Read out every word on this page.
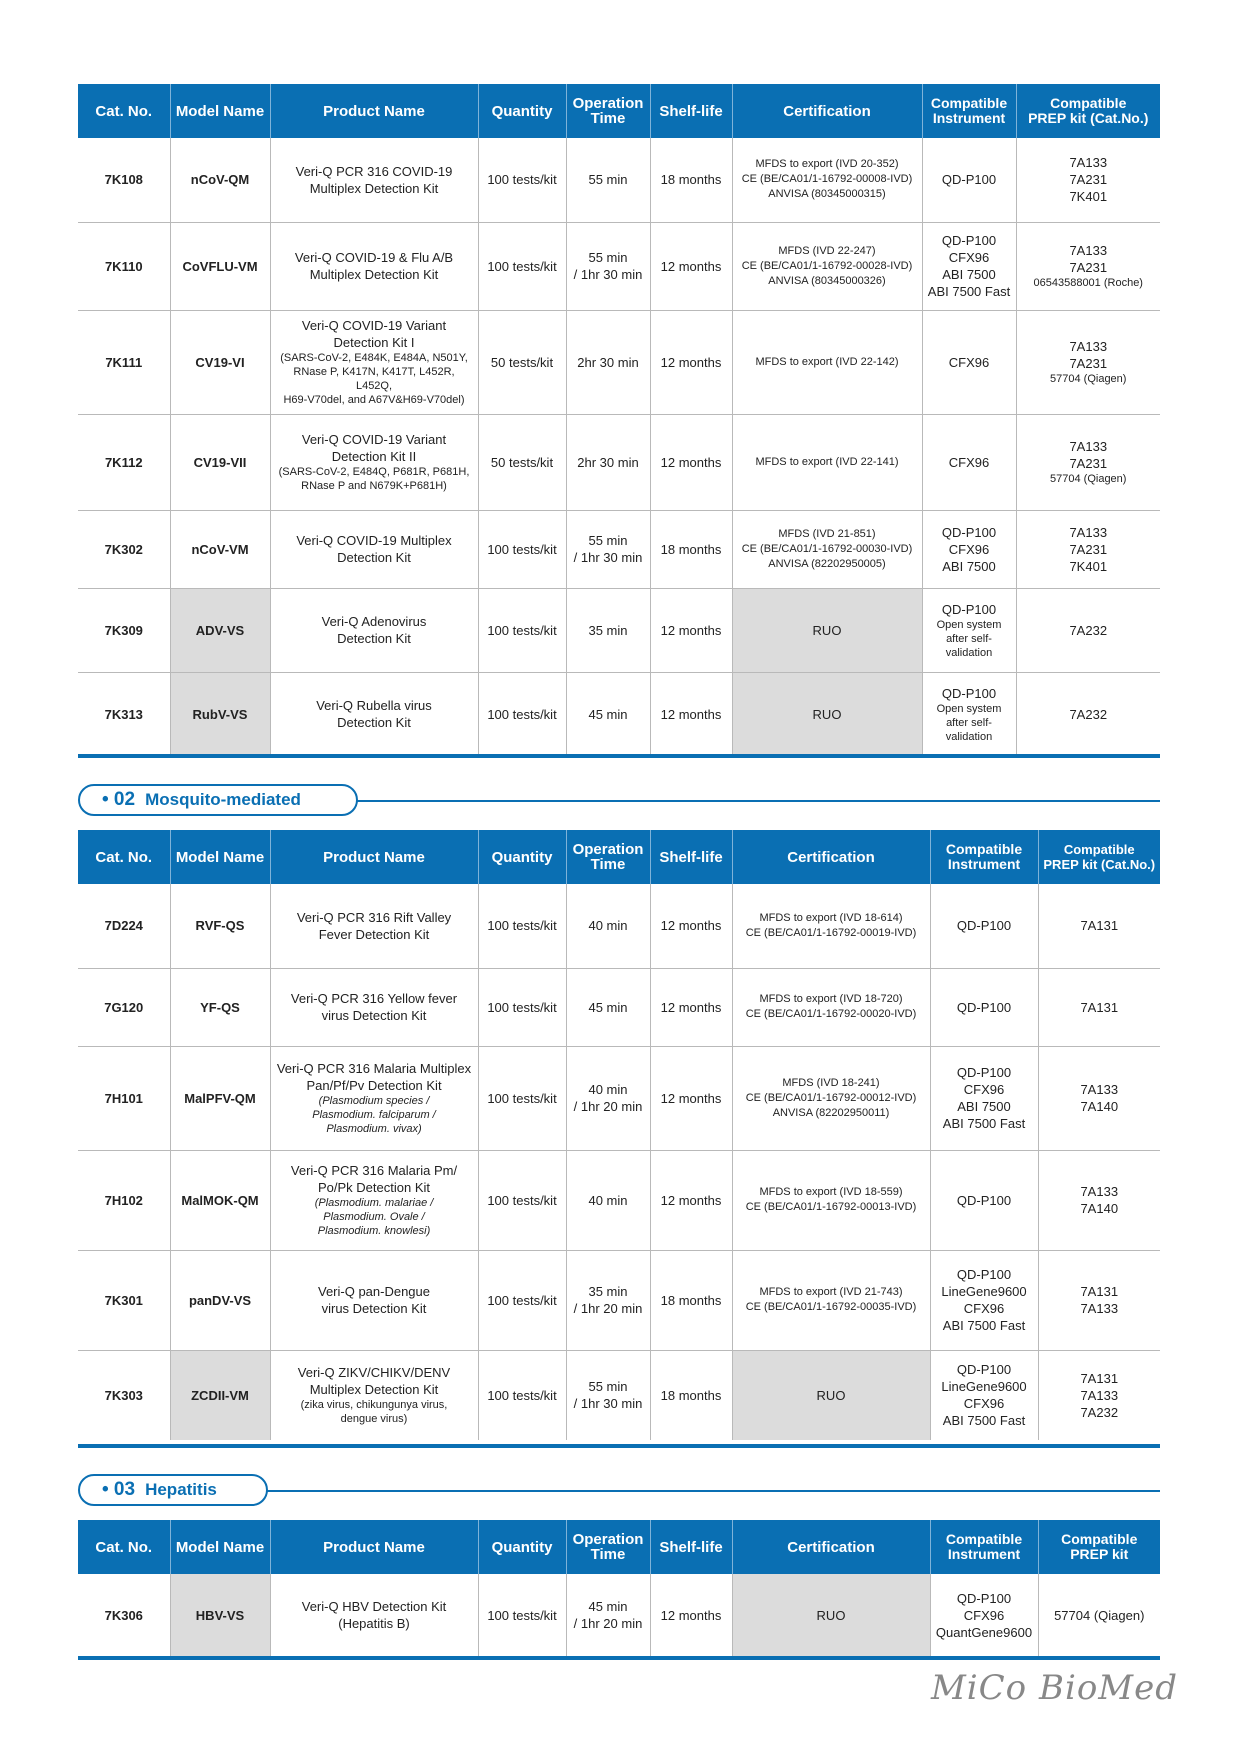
Cat. No.	Model Name	Product Name	Quantity	Operation
Time	Shelf-life	Certification	Compatible
Instrument	Compatible
PREP kit (Cat.No.)

7K108	nCoV-QM	Veri-Q PCR 316 COVID-19
Multiplex Detection Kit	100 tests/kit	55 min	18 months	MFDS to export (IVD 20-352)
CE (BE/CA01/1-16792-00008-IVD)
ANVISA (80345000315)	QD-P100	7A133
7A231
7K401

7K110	CoVFLU-VM	Veri-Q COVID-19 & Flu A/B
Multiplex Detection Kit	100 tests/kit	55 min
/ 1hr 30 min	12 months	MFDS (IVD 22-247)
CE (BE/CA01/1-16792-00028-IVD)
ANVISA (80345000326)	QD-P100
CFX96
ABI 7500
ABI 7500 Fast	7A133
7A231
06543588001 (Roche)

7K111	CV19-VI	Veri-Q COVID-19 Variant
Detection Kit I
(SARS-CoV-2, E484K, E484A, N501Y,
RNase P, K417N, K417T, L452R, L452Q,
H69-V70del, and A67V&H69-V70del)	50 tests/kit	2hr 30 min	12 months	MFDS to export (IVD 22-142)	CFX96	7A133
7A231
57704 (Qiagen)

7K112	CV19-VII	Veri-Q COVID-19 Variant
Detection Kit II
(SARS-CoV-2, E484Q, P681R, P681H,
RNase P and N679K+P681H)	50 tests/kit	2hr 30 min	12 months	MFDS to export (IVD 22-141)	CFX96	7A133
7A231
57704 (Qiagen)

7K302	nCoV-VM	Veri-Q COVID-19 Multiplex
Detection Kit	100 tests/kit	55 min
/ 1hr 30 min	18 months	MFDS (IVD 21-851)
CE (BE/CA01/1-16792-00030-IVD)
ANVISA (82202950005)	QD-P100
CFX96
ABI 7500	7A133
7A231
7K401

7K309	ADV-VS	Veri-Q Adenovirus
Detection Kit	100 tests/kit	35 min	12 months	RUO	QD-P100
Open system
after self-
validation	7A232

7K313	RubV-VS	Veri-Q Rubella virus
Detection Kit	100 tests/kit	45 min	12 months	RUO	QD-P100
Open system
after self-
validation	7A232
• 02 Mosquito-mediated
Cat. No.	Model Name	Product Name	Quantity	Operation
Time	Shelf-life	Certification	Compatible
Instrument	Compatible
PREP kit (Cat.No.)

7D224	RVF-QS	Veri-Q PCR 316 Rift Valley
Fever Detection Kit	100 tests/kit	40 min	12 months	MFDS to export (IVD 18-614)
CE (BE/CA01/1-16792-00019-IVD)	QD-P100	7A131

7G120	YF-QS	Veri-Q PCR 316 Yellow fever
virus Detection Kit	100 tests/kit	45 min	12 months	MFDS to export (IVD 18-720)
CE (BE/CA01/1-16792-00020-IVD)	QD-P100	7A131

7H101	MalPFV-QM	Veri-Q PCR 316 Malaria Multiplex
Pan/Pf/Pv Detection Kit
(Plasmodium species /
Plasmodium. falciparum /
Plasmodium. vivax)	100 tests/kit	40 min
/ 1hr 20 min	12 months	MFDS (IVD 18-241)
CE (BE/CA01/1-16792-00012-IVD)
ANVISA (82202950011)	QD-P100
CFX96
ABI 7500
ABI 7500 Fast	7A133
7A140

7H102	MalMOK-QM	Veri-Q PCR 316 Malaria Pm/
Po/Pk Detection Kit
(Plasmodium. malariae /
Plasmodium. Ovale /
Plasmodium. knowlesi)	100 tests/kit	40 min	12 months	MFDS to export (IVD 18-559)
CE (BE/CA01/1-16792-00013-IVD)	QD-P100	7A133
7A140

7K301	panDV-VS	Veri-Q pan-Dengue
virus Detection Kit	100 tests/kit	35 min
/ 1hr 20 min	18 months	MFDS to export (IVD 21-743)
CE (BE/CA01/1-16792-00035-IVD)	QD-P100
LineGene9600
CFX96
ABI 7500 Fast	7A131
7A133

7K303	ZCDII-VM	Veri-Q ZIKV/CHIKV/DENV
Multiplex Detection Kit
(zika virus, chikungunya virus,
dengue virus)	100 tests/kit	55 min
/ 1hr 30 min	18 months	RUO	QD-P100
LineGene9600
CFX96
ABI 7500 Fast	7A131
7A133
7A232
• 03 Hepatitis
Cat. No.	Model Name	Product Name	Quantity	Operation
Time	Shelf-life	Certification	Compatible
Instrument	Compatible
PREP kit

7K306	HBV-VS	Veri-Q HBV Detection Kit
(Hepatitis B)	100 tests/kit	45 min
/ 1hr 20 min	12 months	RUO	QD-P100
CFX96
QuantGene9600	57704 (Qiagen)
MiCo BioMed
